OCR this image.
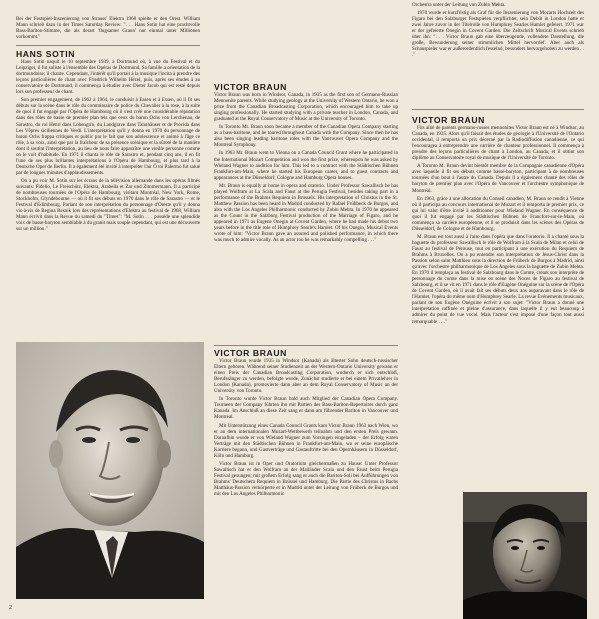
Bei der Festspiel-Inszenierung von Strauss' Elektra 1968 spielte er den Orest. William Mann schrieb dazu in der Times Saturday Review: ". . . Hans Sotin hat eine prachtvolle Bass-Bariton-Stimme, die als derart 'flugsamer Grann' nur einmal unter Millionen vorkommt."

HANS SOTIN

Hans Sotin naquit le 10 septembre 1939, à Dortmund où, à vue du Festival et du Leipziger, il fut soliste à l'ensemble des Opéras de Dortmund, Sa famille a orientation de la dortmundoise; il chante. Cependant, l'intérêt qu'il portait à la musique l'incita à prendre des leçons particulières de chant avec Friedrich Wilhelm Hezel, puis, après ses études à au conservatoire de Dortmund, il commença à étudier avec Dieter Jacob qui est resté depuis lors son professeur de chant.

Son premier engagement, de 1962 à 1964, le conduisit à Essen et à Essen, où il fit ses débuts sur la scène dans le rôle du commissaire de police du Chevalier à la rose, à la suite de quoi il fut engagé par l'Opéra de Hambourg où il s'est créé une considérable réputation dans des rôles de basse de premier plan tels que ceux du baron Ochs von Lerchenau, de Sarastro, du roi Henri dans Lohengrin, du Landgrave dans Tannhäuser et de Procida dans Les Vêpres siciliennes de Verdi. L'interprétation qu'il y donna en 1970 du personnage de baron Ochs frappa critiques et public par le fait que son adolescence et animé à l'âge ce rôle, à sa voix, ainsi que par la fraîcheur de sa présence scénique et la sûreté de la manière dont il soutint l'interprétation, au lieu de nous faire apparaître une vieille personne comme on le voit d'habitude. En 1971 il chanta le rôle de Sarastro et, pendant cinq ans, il en fit l'une de ses plus brillantes interprétations à l'Opéra de Hambourg, et plus tard à la Deutsche Oper de Berlin. Il a également été invité à interpréter l'air Ô toi Palermo fut salué par de longues minutes d'applaudissements.

On a pu voir M. Sotin sur les écrans de la télévision allemande dans les opéras filmés suivants: Fidelio, Le Freischütz, Elektra, Arabella et Zar und Zimmermann. Il a participé de nombreuses tournées de l'Opéra de Hambourg, visitant Montréal, New York, Rome, Stockholm, Glyndebourne — où il fit ses débuts en 1970 dans le rôle de Sarastro — et le Festival d'Edimbourg. Parlant de son interprétation du personnage d'Oreste qu'il y donna vis-à-vis de Regina Resnik lors des représentations d'Elektra au festival de 1968, William Mann écrivit dans la Revue du samedi du "Times": "M. Sotin . . . possède une splendide voix de basse-baryton semblable à du granit mais souple cependant, qui est une découverte sur un million."

2
VICTOR BRAUN

Victor Braun was born in Windsor, Canada, in 1935 as the first son of Germano-Russian Mennonite parents. While studying geology at the University of Western Ontario, he won a prize from the Canadian Broadcasting Corporation, which encouraged him to take up singing professionally. He started studying with a private teacher in London, Canada, and graduated at the Royal Conservatory of Music at the University of Toronto.

In Toronto Mr. Braun soon became a member of the Canadian Opera Company starting as a bass-baritone, and he toured throughout Canada with the Company. Since then he has also been singing leading baritone roles with the Vancouver Opera Company and the Montreal Symphony.

In 1963 Mr. Braun went to Vienna on a Canada Council Grant where he participated in the International Mozart Competition and won the first prize, whereupon he was asked by Wieland Wagner to audition for him. This led to a contract with the Städtischen Bühnen Frankfurt-am-Main, where he started his European career, and to guest contracts and appearances at the Düsseldorf, Cologne and Hamburg Opera houses.

Mr. Braun is equally at home in opera and oratorio. Under Professor Sawallisch he has played Wolfram at La Scala and Faust at the Perugia Festival, besides taking part in a performance of the Brahms Requiem in Brussels. His interpretation of Christus in the St. Matthew Passion has been heard in Madrid conducted by Rafael Frühbeck de Burgos, and also with the Los Angeles Philharmonic conducted by Zubin Mehta. In 1970 he appeared as the Count in the Salzburg Festival production of the Marriage of Figaro, and he appeared in 1971 as Eugene Onegin at Covent Garden, where he had made his debut two years before in the title role of Humphrey Searle's Hamlet. Of his Onegin, Musical Events wrote of him: "Victor Braun gave an assured and polished performance, in which there was much to admire vocally. As an actor too he was remarkably compelling . . ."

VICTOR BRAUN

Victor Braun wurde 1935 in Windsor (Kanada) als ältester Sohn deutsch-russischer Eltern geboren. Während seiner Studienzeit an der Western-Ontario University gewann er einen Preis der Canadian Broadcasting Corporation, wodurch er sich entschloß, Berufssänger zu werden, befolgte wurde, Zunächst studierte er bei einem Privatlehrer in London (Kanada), promovierte dann aber an dem Royal Conservatory of Music an der University von Toronto.

In Toronto wurde Victor Braun bald auch Mitglied der Canadian Opera Company. Tourneen der Company führten ihn mit Partien des Bass-Bariton-Repertoires durch ganz Kanada. Im Anschluß an diese Zeit sang er dann am führender Bariton in Vancouver und Montreal.

Mit Unterstützung eines Canada Council Grants kam Victor Braun 1963 nach Wien, wo er an dem internationalen Mozart-Wettbewerb teilnahm und den ersten Preis gewann. Daraufhin wurde er von Wieland Wagner zum Vorsingen eingeladen – der Erfolg waren Verträge mit den Städtischen Bühnen in Frankfurt-am-Main, wo er seine europäische Karriere begann, und Gastverträge und Gastauftritte bei den Opernhäusern in Düsseldorf, Köln und Hamburg.

Victor Braun ist in Oper und Oratorium gleichermaßen zu Hause: Unter Professor Sawallisch hat er den Wolfram an der Mailänder Scala und den Faust beim Perugia Festival gesungen; mit großem Erfolg sang er auch die Bariton-Soli bei Aufführungen von Brahms' Deutschem Requiem in Brüssel und Hamburg. Die Partie des Christus in Bachs Matthäus-Passion verkörperte er in Madrid unter der Leitung von Frübeck de Burgos und mit den Los Angeles Philharmonic

Orchestra unter der Leitung von Zubin Mehta.

1970 wurde er kurzfristig als Graf für die Inszenierung von Mozarts Hochzeit des Figaro bei den Salzburger Festspielen verpflichtet, sein Debüt in London hatte er zwei Jahre zuvor in der Titelrolle von Humphrey Searles Hamlet gefeiert. 1971 war er der gefeierte Onegin in Covent Garden. Die Zeitschrift Musical Events schrieb über ihn: ". . . Victor Braun gab eine überzeugende, vollendete Darstellung, die große, Bewunderung seiner stimmlichen Mittel hervorrief. Aber auch als Schauspieler war er außerordentlich fesselnd, besonders hervorgehoben zu werden . . ."

VICTOR BRAUN

Fils aîné de parents germano-russes mennonites Victor Braun est né à Windsor, au Canada, en 1935. Alors qu'il faisait des études de géologie à l'Université de l'Ontario occidental, il remporta un prix décerné par la Radiodiffusion canadienne, ce qui l'encouragea à entreprendre une carrière de chanteur professionnel. Il commença à prendre des leçons particulières de chant à London, au Canada, et il obtint son diplôme au Conservatoire royal de musique de l'Université de Toronto.

A Toronto M. Braun devint bientôt membre de la Compagnie canadienne d'Opéra avec laquelle il fit ses débuts comme basse-baryton, participant à de nombreuses tournées d'un bout à l'autre du Canada. Depuis il a également chanté des rôles de baryton de premier plan avec l'Opéra de Vancouver et l'orchestre symphonique de Montréal.

En 1963, grâce à une allocation du Conseil canadien, M. Braun se rendit à Vienne où il participa au concours international de Mozart et il remporta le premier prix, ce qui lui valut d'être invité à auditionner pour Wieland Wagner. En conséquence de quoi il fut engagé par les Städtischen Bühnen de Francfort-sur-le-Main, où commença sa carrière européenne, et il se produisit dans les scènes des Opéras de Düsseldorf, de Cologne et de Hambourg.

M. Braun est tout aussi à l'aise dans l'opéra que dans l'oratorio. Il a chanté sous la baguette du professeur Sawallisch le rôle de Wolfram à la Scala de Milan et celui de Faust au festival de Pérouse, tout en participant à une exécution du Requiem de Brahms à Bruxelles. On a pu entendre son interprétation de Jésus-Christ dans la Passion selon saint Matthieu sous la direction de Frübeck de Burgos à Madrid, ainsi qu'avec l'orchestre philharmonique de Los Angeles sous la baguette de Zubin Mehta. En 1970 il remplaça au festival de Salzbourg dans le Comte, créant son interprète de personnage du comte dans la mise en scène des Noces de Figaro au festival de Salzbourg, et il se vit en 1971 dans le rôle d'Eugène Onéguine sur la scène de l'Opéra de Covent Garden, où il avait fait ses débuts deux ans auparavant dans le rôle de l'Hamlet, l'opéra du même nom d'Humphrey Searle. La revue Evénements musicaux, parlant de son Eugène Onéguine écrivit à son sujet: "Victor Braun a donné une interprétation raffinée et pleine d'assurance, dans laquelle il y eut beaucoup à admirer du point de vue vocal. Mais l'acteur s'est imposé d'une façon tout aussi remarquable . . ."
